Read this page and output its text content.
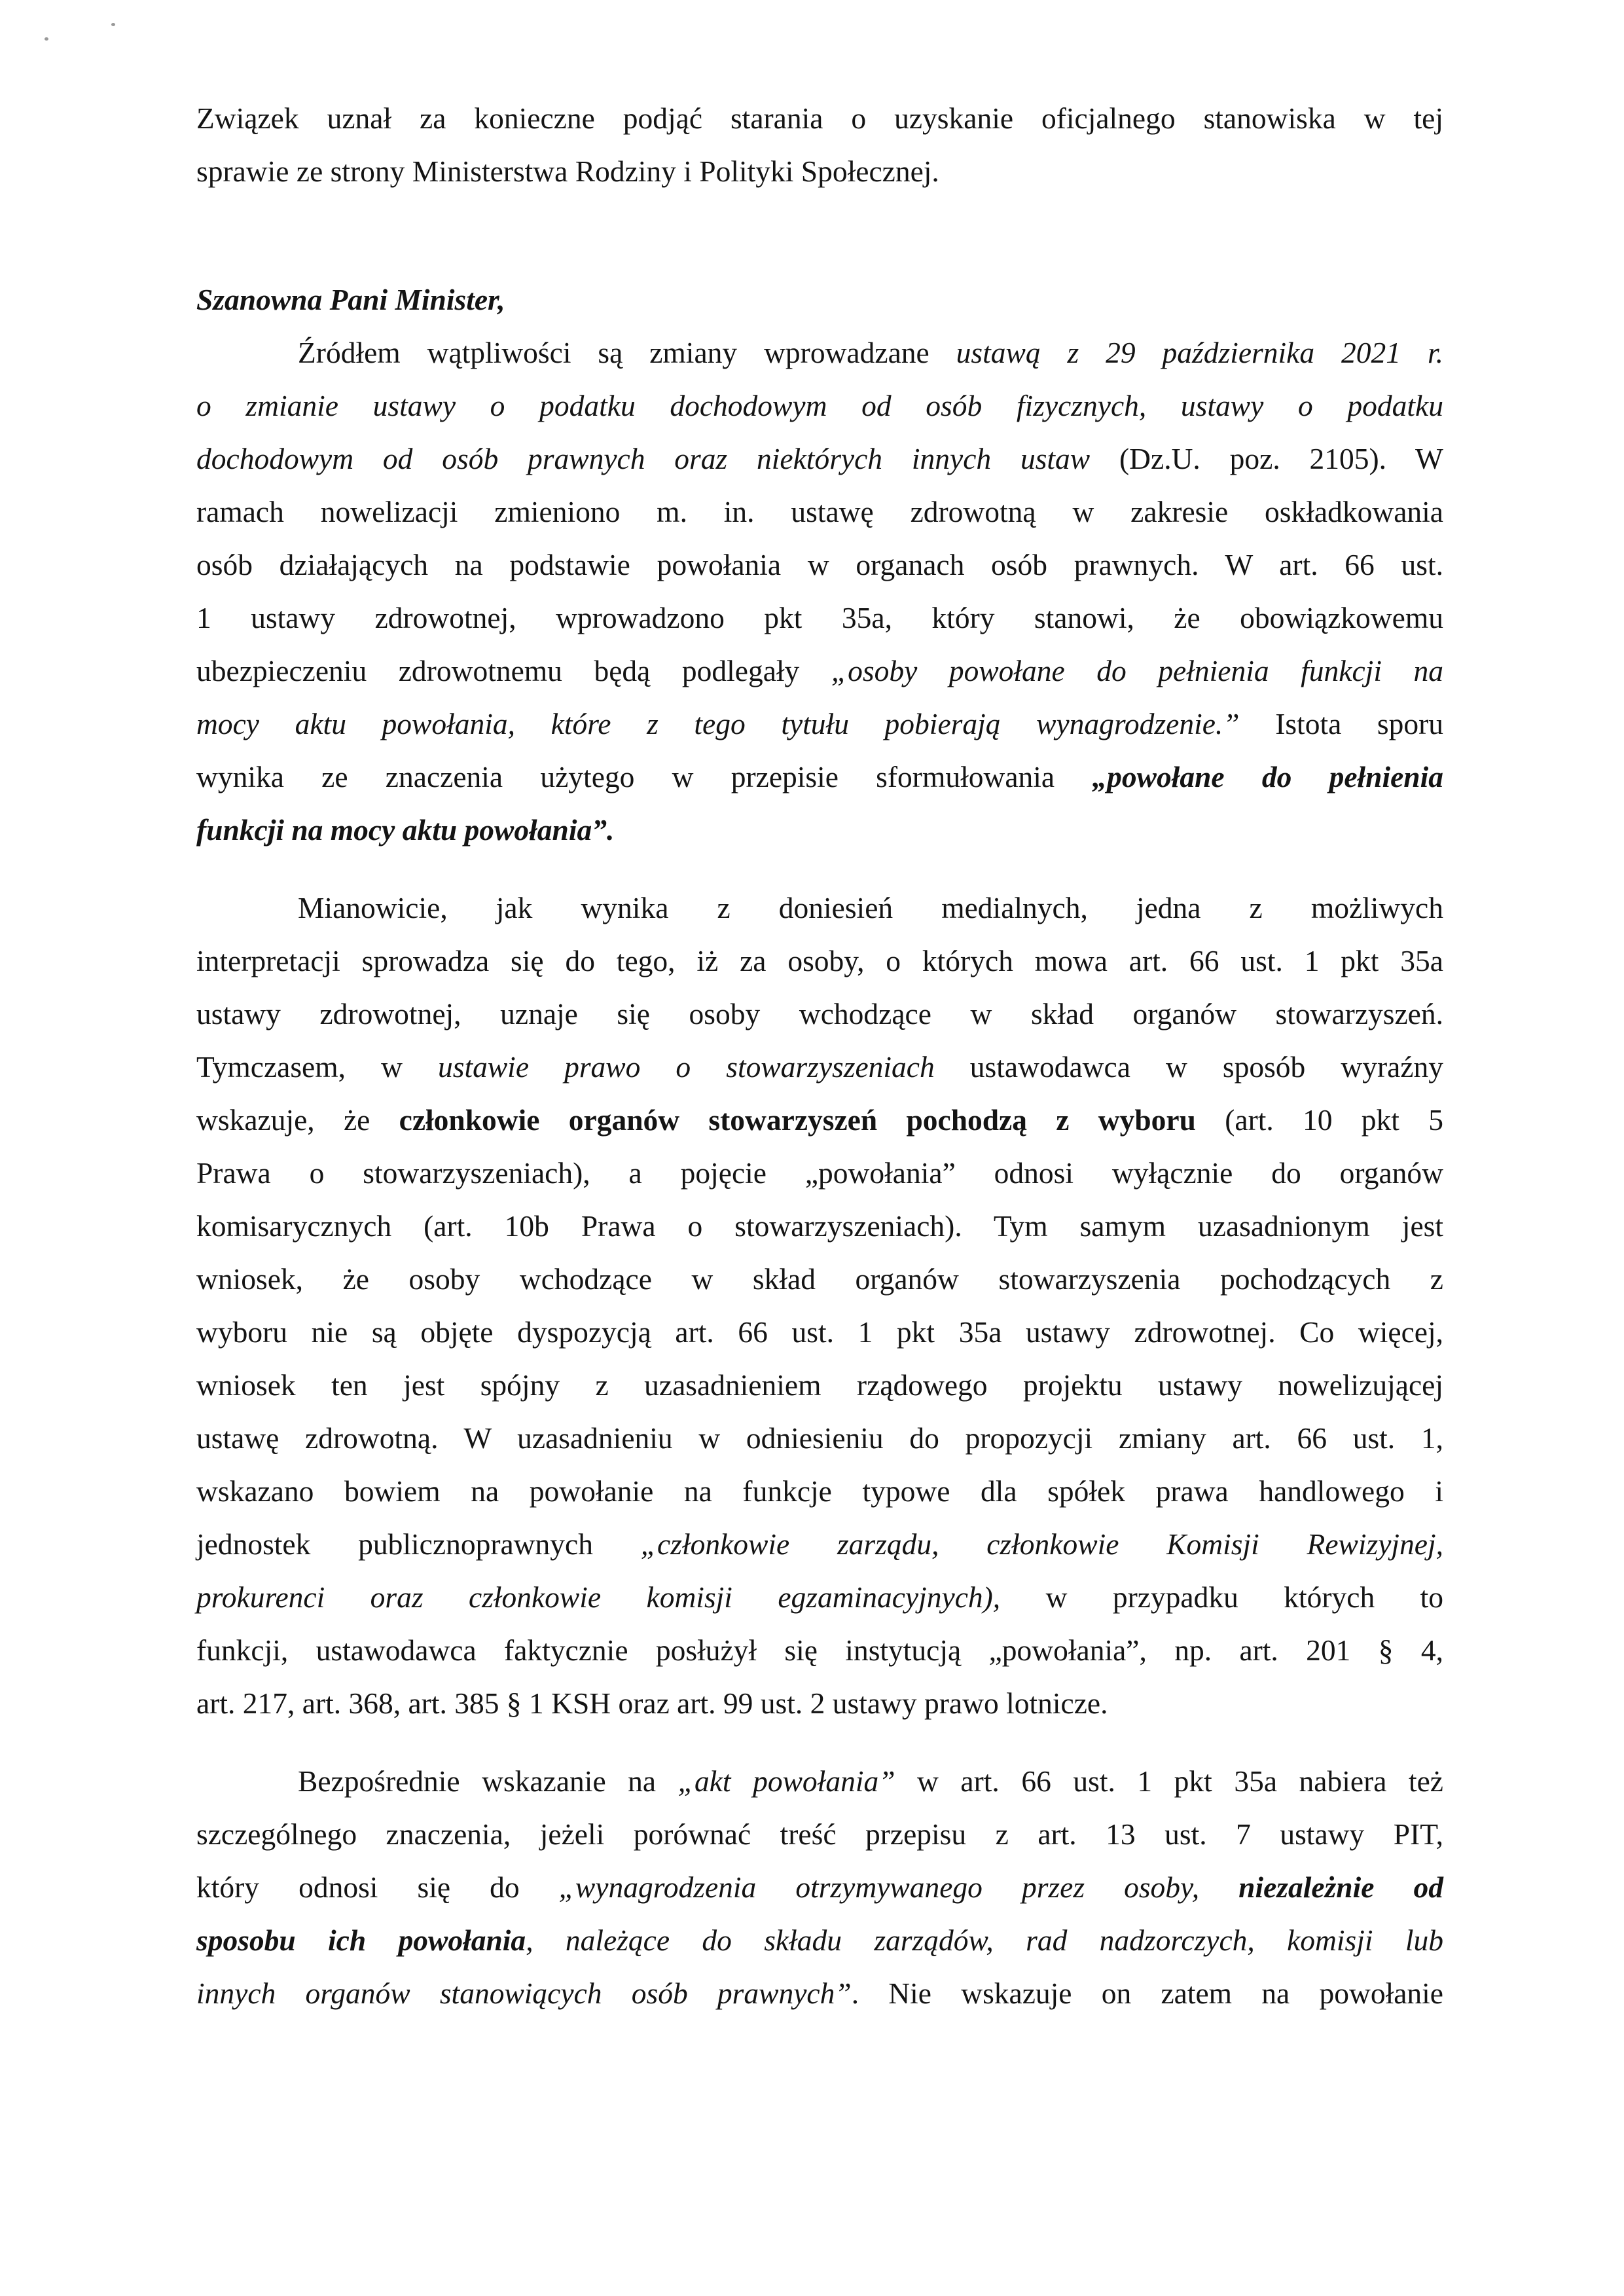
Związek uznał za konieczne podjąć starania o uzyskanie oficjalnego stanowiska w tej
sprawie ze strony Ministerstwa Rodziny i Polityki Społecznej.
Szanowna Pani Minister,
Źródłem wątpliwości są zmiany wprowadzane ustawą z 29 października 2021 r.
o zmianie ustawy o podatku dochodowym od osób fizycznych, ustawy o podatku
dochodowym od osób prawnych oraz niektórych innych ustaw (Dz.U. poz. 2105). W
ramach nowelizacji zmieniono m. in. ustawę zdrowotną w zakresie oskładkowania
osób działających na podstawie powołania w organach osób prawnych. W art. 66 ust.
1 ustawy zdrowotnej, wprowadzono pkt 35a, który stanowi, że obowiązkowemu
ubezpieczeniu zdrowotnemu będą podlegały „osoby powołane do pełnienia funkcji na
mocy aktu powołania, które z tego tytułu pobierają wynagrodzenie.” Istota sporu
wynika ze znaczenia użytego w przepisie sformułowania „powołane do pełnienia
funkcji na mocy aktu powołania”.
Mianowicie, jak wynika z doniesień medialnych, jedna z możliwych
interpretacji sprowadza się do tego, iż za osoby, o których mowa art. 66 ust. 1 pkt 35a
ustawy zdrowotnej, uznaje się osoby wchodzące w skład organów stowarzyszeń.
Tymczasem, w ustawie prawo o stowarzyszeniach ustawodawca w sposób wyraźny
wskazuje, że członkowie organów stowarzyszeń pochodzą z wyboru (art. 10 pkt 5
Prawa o stowarzyszeniach), a pojęcie „powołania” odnosi wyłącznie do organów
komisarycznych (art. 10b Prawa o stowarzyszeniach). Tym samym uzasadnionym jest
wniosek, że osoby wchodzące w skład organów stowarzyszenia pochodzących z
wyboru nie są objęte dyspozycją art. 66 ust. 1 pkt 35a ustawy zdrowotnej. Co więcej,
wniosek ten jest spójny z uzasadnieniem rządowego projektu ustawy nowelizującej
ustawę zdrowotną. W uzasadnieniu w odniesieniu do propozycji zmiany art. 66 ust. 1,
wskazano bowiem na powołanie na funkcje typowe dla spółek prawa handlowego i
jednostek publicznoprawnych „członkowie zarządu, członkowie Komisji Rewizyjnej,
prokurenci oraz członkowie komisji egzaminacyjnych), w przypadku których to
funkcji, ustawodawca faktycznie posłużył się instytucją „powołania”, np. art. 201 § 4,
art. 217, art. 368, art. 385 § 1 KSH oraz art. 99 ust. 2 ustawy prawo lotnicze.
Bezpośrednie wskazanie na „akt powołania” w art. 66 ust. 1 pkt 35a nabiera też
szczególnego znaczenia, jeżeli porównać treść przepisu z art. 13 ust. 7 ustawy PIT,
który odnosi się do „wynagrodzenia otrzymywanego przez osoby, niezależnie od
sposobu ich powołania, należące do składu zarządów, rad nadzorczych, komisji lub
innych organów stanowiących osób prawnych”. Nie wskazuje on zatem na powołanie
